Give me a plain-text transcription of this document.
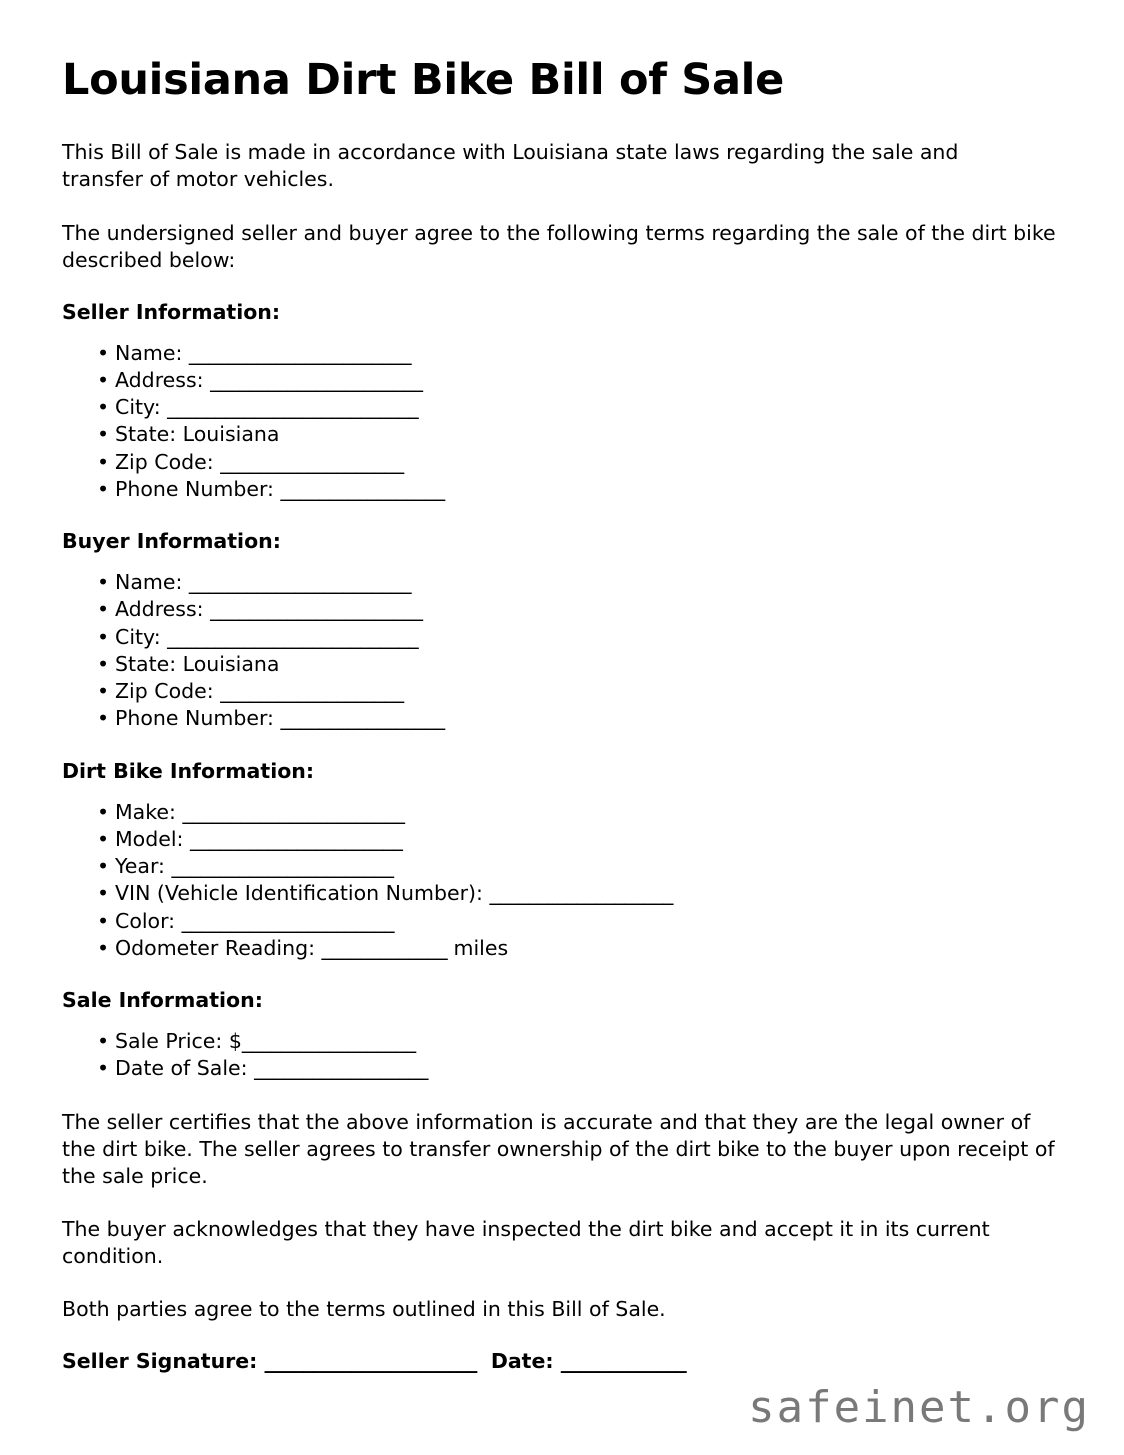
Louisiana Dirt Bike Bill of Sale

This Bill of Sale is made in accordance with Louisiana state laws regarding the sale and transfer of motor vehicles.

The undersigned seller and buyer agree to the following terms regarding the sale of the dirt bike described below:

Seller Information:
• Name: _______________________
• Address: ______________________
• City: __________________________
• State: Louisiana
• Zip Code: ___________________
• Phone Number: _________________
Buyer Information:
• Name: _______________________
• Address: ______________________
• City: __________________________
• State: Louisiana
• Zip Code: ___________________
• Phone Number: _________________
Dirt Bike Information:
• Make: _______________________
• Model: ______________________
• Year: _______________________
• VIN (Vehicle Identification Number): ___________________
• Color: ______________________
• Odometer Reading: _____________ miles
Sale Information:
• Sale Price: $__________________
• Date of Sale: __________________

The seller certifies that the above information is accurate and that they are the legal owner of the dirt bike. The seller agrees to transfer ownership of the dirt bike to the buyer upon receipt of the sale price.

The buyer acknowledges that they have inspected the dirt bike and accept it in its current condition.

Both parties agree to the terms outlined in this Bill of Sale.

Seller Signature: ______________________ Date: _____________
safeinet.org
